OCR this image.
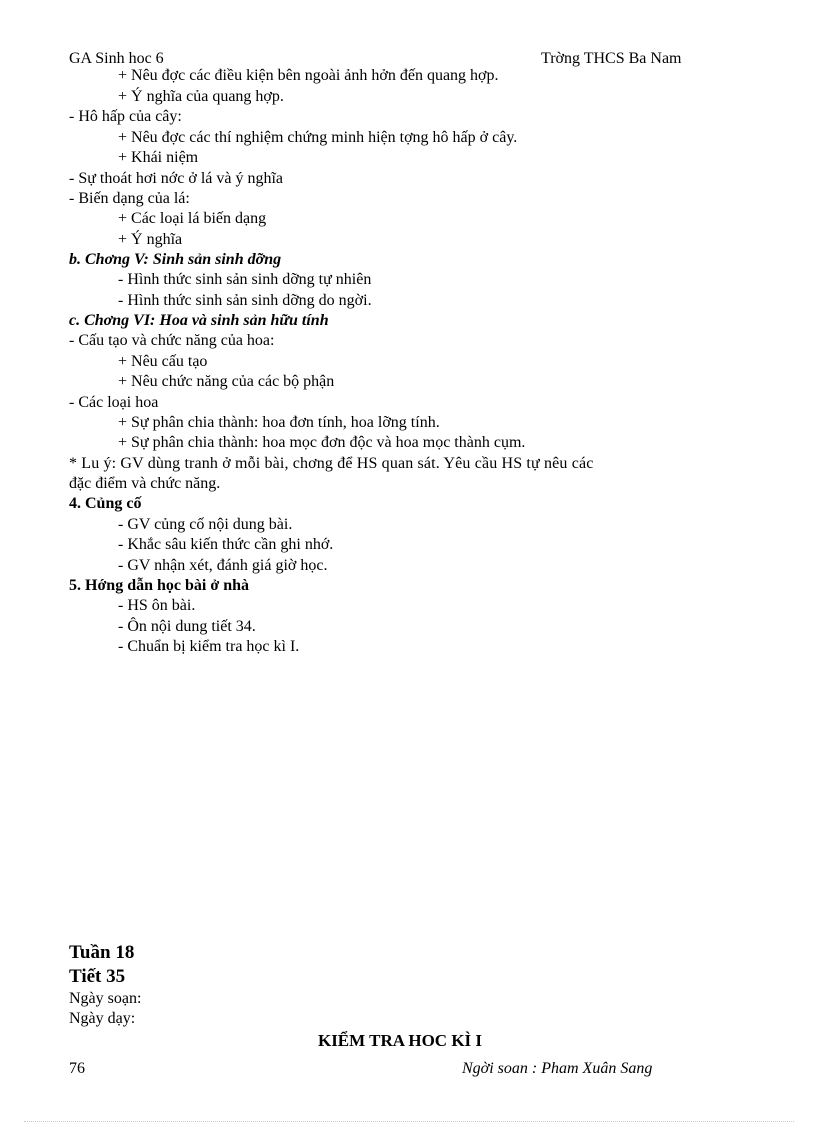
GA Sinh hoc 6	Trờng THCS Ba Nam
+ Nêu đợc các điều kiện bên ngoài ảnh hởn đến quang hợp.
+ Ý nghĩa của quang hợp.
- Hô hấp của cây:
+ Nêu đợc các thí nghiệm chứng minh hiện tợng hô hấp ở cây.
+ Khái niệm
- Sự thoát hơi nớc ở lá và ý nghĩa
- Biến dạng của lá:
+ Các loại lá biến dạng
+ Ý nghĩa
b. Chơng V: Sinh sản sinh dỡng
- Hình thức sinh sản sinh dỡng tự nhiên
- Hình thức sinh sản sinh dỡng do ngời.
c. Chơng VI: Hoa và sinh sản hữu tính
- Cấu tạo và chức năng của hoa:
+ Nêu cấu tạo
+ Nêu chức năng của các bộ phận
- Các loại hoa
+ Sự phân chia thành: hoa đơn tính, hoa lỡng tính.
+ Sự phân chia thành: hoa mọc đơn độc và hoa mọc thành cụm.
* Lu ý: GV dùng tranh ở mỗi bài, chơng để HS quan sát. Yêu cầu HS tự nêu các
đặc điểm và chức năng.
4. Củng cố
- GV củng cố nội dung bài.
- Khắc sâu kiến thức cần ghi nhớ.
- GV nhận xét, đánh giá giờ học.
5. Hớng dẫn học bài ở nhà
- HS ôn bài.
- Ôn nội dung tiết 34.
- Chuẩn bị kiểm tra học kì I.
Tuần 18
Tiết 35
Ngày soạn:
Ngày dạy:
KIỂM TRA HOC KÌ I
76	Ngời soan : Pham Xuân Sang
